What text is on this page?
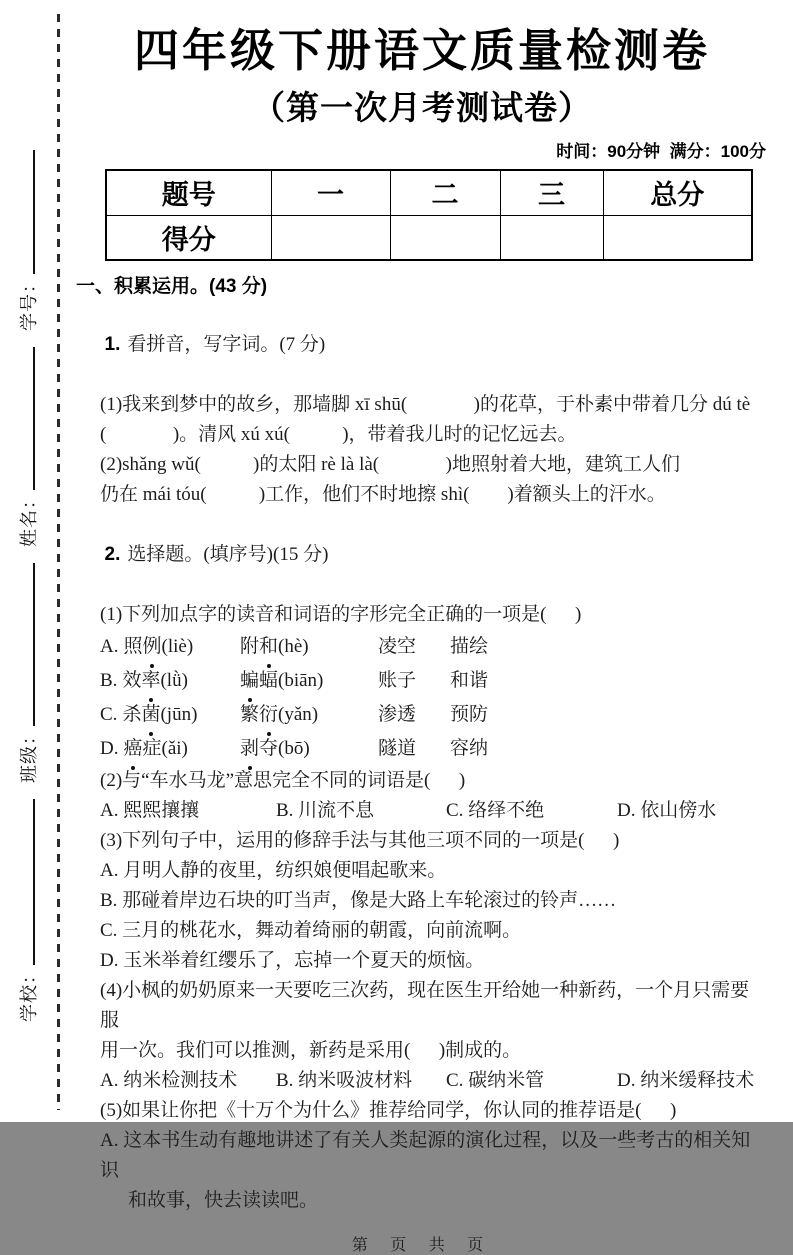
学校：
班级：
姓名：
学号：
四年级下册语文质量检测卷
（第一次月考测试卷）
时间：90分钟  满分：100分
题号	一	二	三	总分
得分				
一、积累运用。(43 分)

1. 看拼音，写字词。(7 分)

(1)我来到梦中的故乡，那墙脚 xī shū(              )的花草，于朴素中带着几分 dú tè
(              )。清风 xú xú(           )，带着我儿时的记忆远去。
(2)shǎng wǔ(           )的太阳 rè là là(              )地照射着大地，建筑工人们
仍在 mái tóu(           )工作，他们不时地擦 shì(        )着额头上的汗水。

2. 选择题。(填序号)(15 分)

(1)下列加点字的读音和词语的字形完全正确的一项是(      )
A. 照例(liè)	附和(hè)	凌空	描绘
B. 效率(lǜ)	蝙蝠(biān)	账子	和谐
C. 杀菌(jūn)	繁衍(yǎn)	渗透	预防
D. 癌症(ǎi)	剥夺(bō)	隧道	容纳
(2)与“车水马龙”意思完全不同的词语是(      )
A. 熙熙攘攘	B. 川流不息	C. 络绎不绝	D. 依山傍水
(3)下列句子中，运用的修辞手法与其他三项不同的一项是(      )
A. 月明人静的夜里，纺织娘便唱起歌来。
B. 那碰着岸边石块的叮当声，像是大路上车轮滚过的铃声……
C. 三月的桃花水，舞动着绮丽的朝霞，向前流啊。
D. 玉米举着红缨乐了，忘掉一个夏天的烦恼。
(4)小枫的奶奶原来一天要吃三次药，现在医生开给她一种新药，一个月只需要服
用一次。我们可以推测，新药是采用(      )制成的。
A. 纳米检测技术	B. 纳米吸波材料	C. 碳纳米管	D. 纳米缓释技术
(5)如果让你把《十万个为什么》推荐给同学，你认同的推荐语是(      )
A. 这本书生动有趣地讲述了有关人类起源的演化过程，以及一些考古的相关知识
和故事，快去读读吧。
第 页 共 页
